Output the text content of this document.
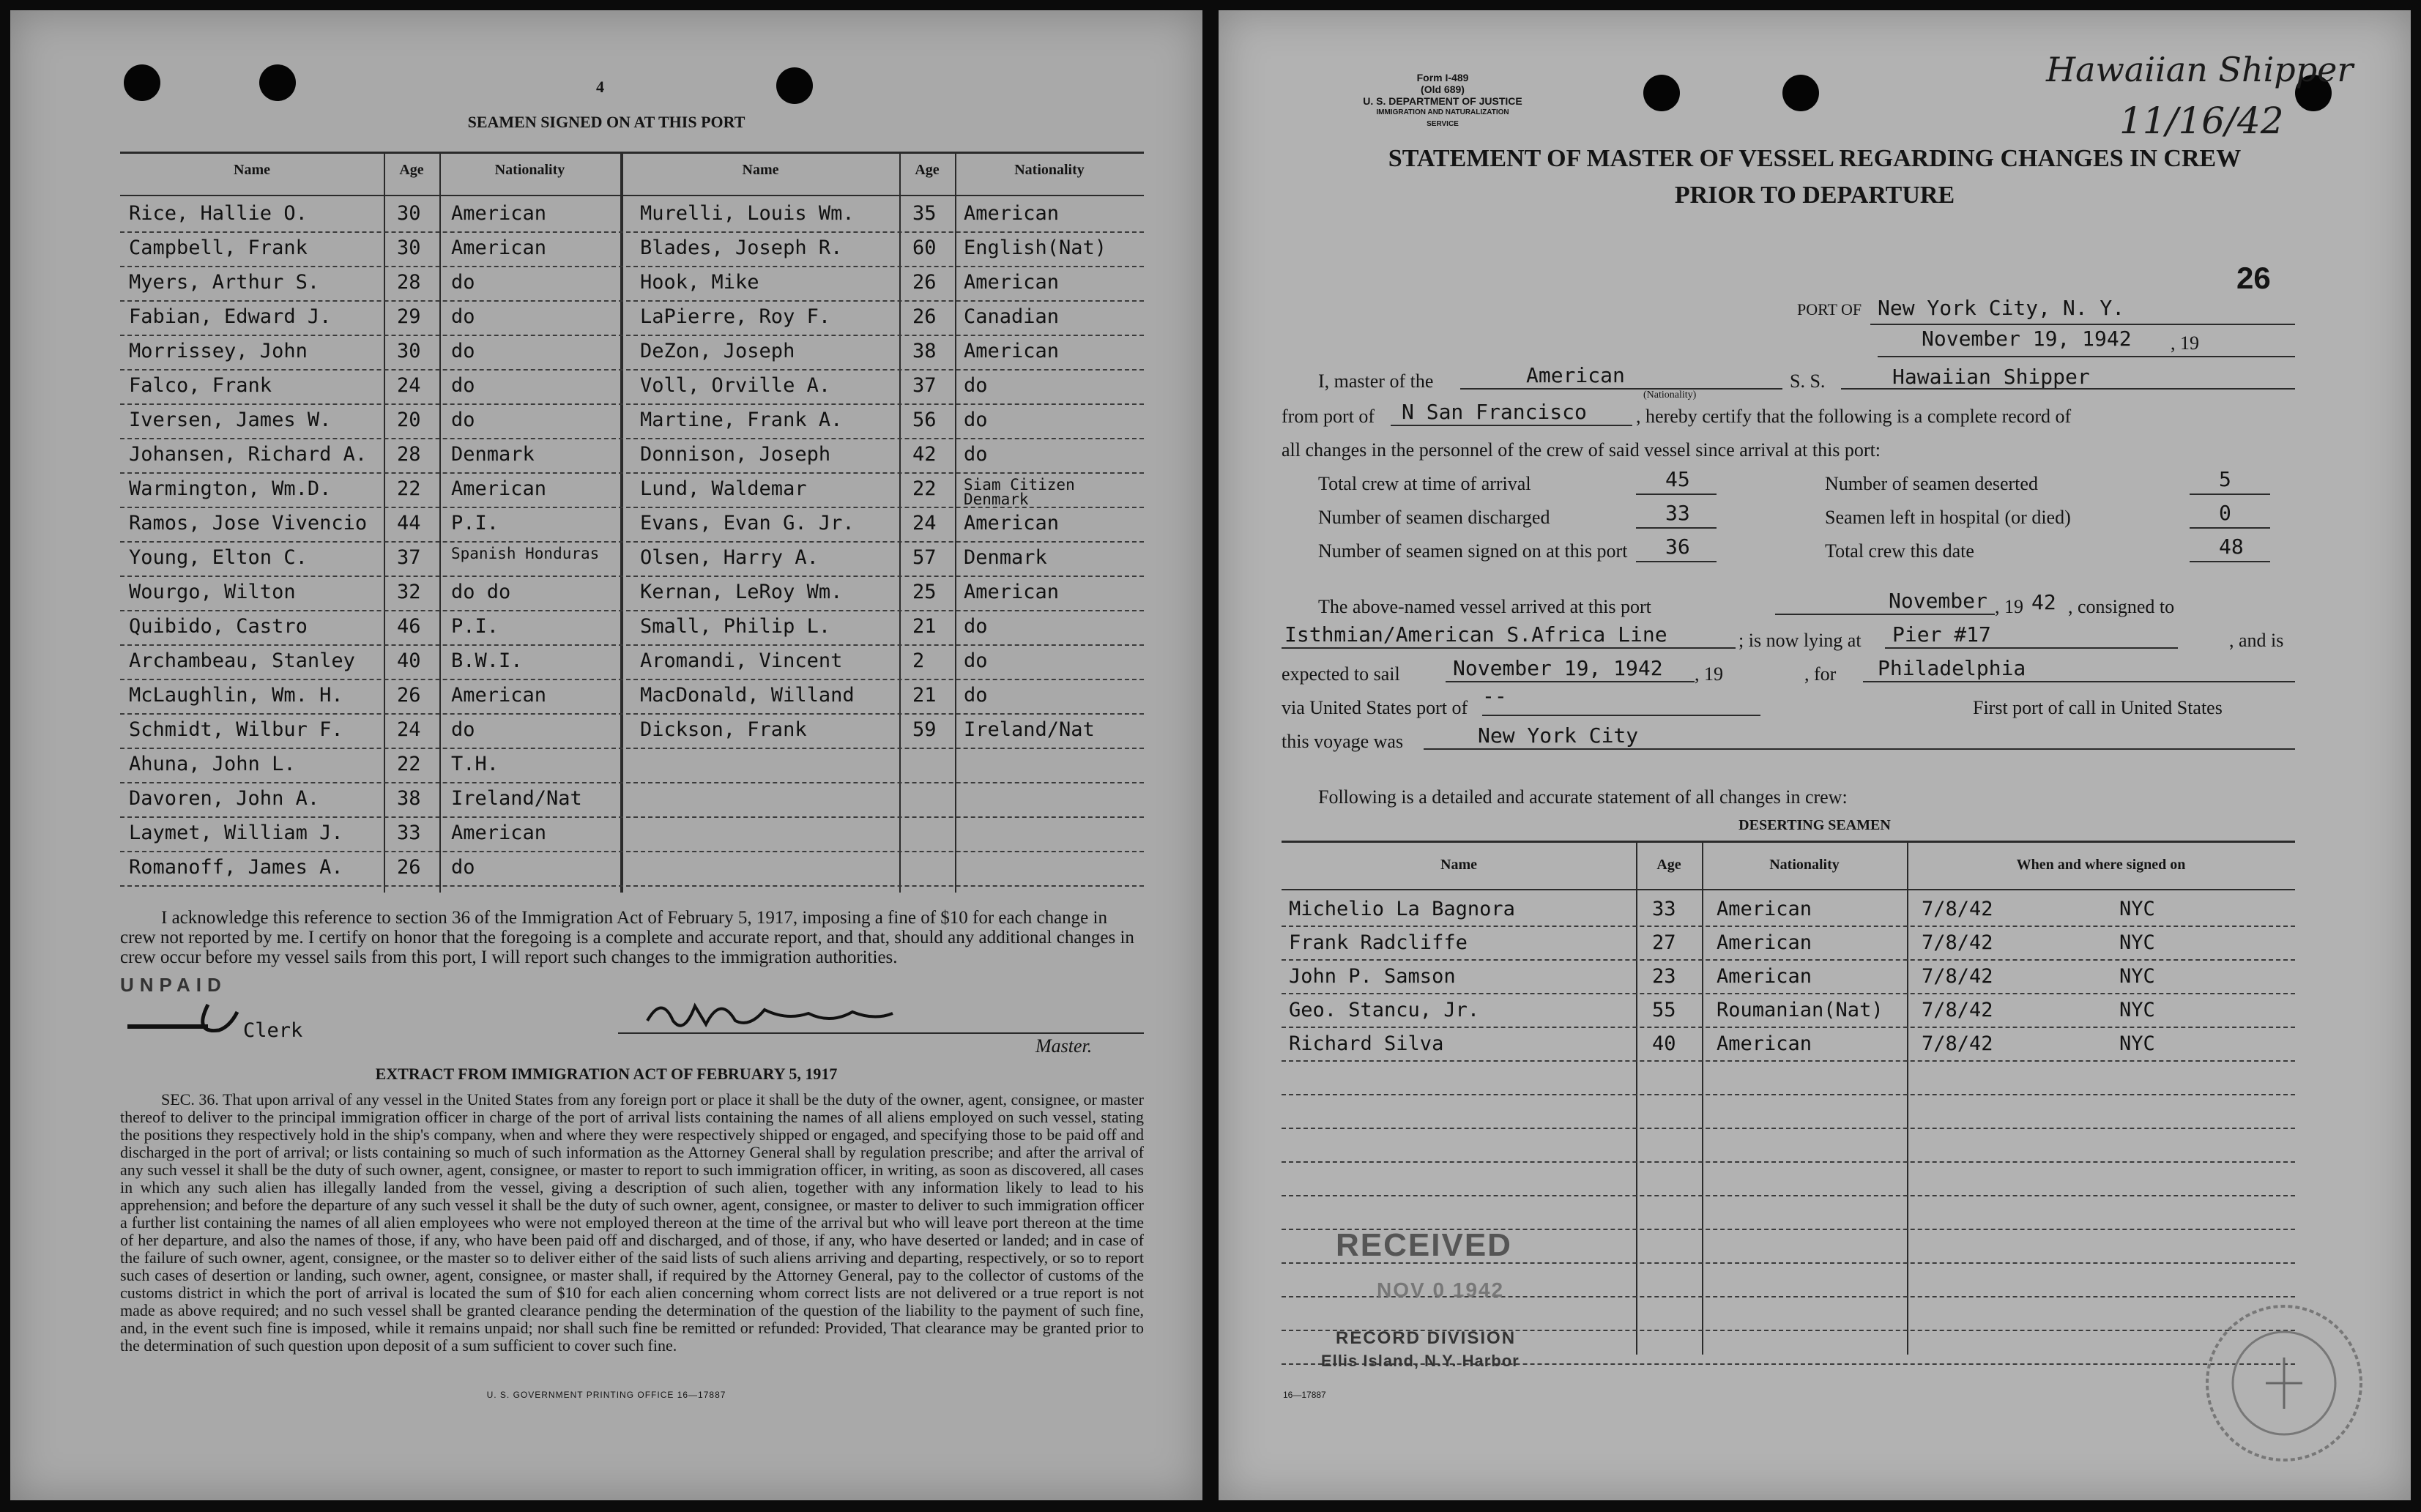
4
SEAMEN SIGNED ON AT THIS PORT
Name	Age	Nationality	Name	Age	Nationality
Rice, Hallie O.	30 American	Murelli, Louis Wm.	35 American
Campbell, Frank	30 American	Blades, Joseph R.	60 English(Nat)
Myers, Arthur S.	28 do	Hook, Mike	26 American
Fabian, Edward J.	29 do	LaPierre, Roy F.	26 Canadian
Morrissey, John	30 do	DeZon, Joseph	38 American
Falco, Frank	24 do	Voll, Orville A.	37 do
Iversen, James W.	20 do	Martine, Frank A.	56 do
Johansen, Richard A. 28 Denmark	Donnison, Joseph	42 do
Warmington, Wm.D.	22 American	Lund, Waldemar	22 Siam Citizen Denmark
Ramos, Jose Vivencio 44 P.I.	Evans, Evan G. Jr.	24 American
Young, Elton C.	37 Spanish Honduras	Olsen, Harry A.	57 Denmark
Wourgo, Wilton	32 do do	Kernan, LeRoy Wm.	25 American
Quibido, Castro	46 P.I.	Small, Philip L.	21 do
Archambeau, Stanley 40 B.W.I.	Aromandi, Vincent	2 do
McLaughlin, Wm. H.	26 American	MacDonald, Willand	21 do
Schmidt, Wilbur F.	24 do	Dickson, Frank	59 Ireland/Nat
Ahuna, John L.	22 T.H.
Davoren, John A.	38 Ireland/Nat
Laymet, William J.	33 American
Romanoff, James A.	26 do
I acknowledge this reference to section 36 of the Immigration Act of February 5, 1917, imposing a fine of $10 for each change in crew not reported by me. I certify on honor that the foregoing is a complete and accurate report, and that, should any additional changes in crew occur before my vessel sails from this port, I will report such changes to the immigration authorities.
UNPAID
Clerk
Master.
EXTRACT FROM IMMIGRATION ACT OF FEBRUARY 5, 1917
SEC. 36. That upon arrival of any vessel in the United States from any foreign port or place it shall be the duty of the owner, agent, consignee, or master thereof to deliver to the principal immigration officer in charge of the port of arrival lists containing the names of all aliens employed on such vessel, stating the positions they respectively hold in the ship's company, when and where they were respectively shipped or engaged, and specifying those to be paid off and discharged in the port of arrival; or lists containing so much of such information as the Attorney General shall by regulation prescribe; and after the arrival of any such vessel it shall be the duty of such owner, agent, consignee, or master to report to such immigration officer, in writing, as soon as discovered, all cases in which any such alien has illegally landed from the vessel, giving a description of such alien, together with any information likely to lead to his apprehension; and before the departure of any such vessel it shall be the duty of such owner, agent, consignee, or master to deliver to such immigration officer a further list containing the names of all alien employees who were not employed thereon at the time of the arrival but who will leave port thereon at the time of her departure, and also the names of those, if any, who have been paid off and discharged, and of those, if any, who have deserted or landed; and in case of the failure of such owner, agent, consignee, or the master so to deliver either of the said lists of such aliens arriving and departing, respectively, or so to report such cases of desertion or landing, such owner, agent, consignee, or master shall, if required by the Attorney General, pay to the collector of customs of the customs district in which the port of arrival is located the sum of $10 for each alien concerning whom correct lists are not delivered or a true report is not made as above required; and no such vessel shall be granted clearance pending the determination of the question of the liability to the payment of such fine, and, in the event such fine is imposed, while it remains unpaid; nor shall such fine be remitted or refunded: Provided, That clearance may be granted prior to the determination of such question upon deposit of a sum sufficient to cover such fine.
U. S. GOVERNMENT PRINTING OFFICE 16—17887
Form I-489
(Old 689)
U. S. DEPARTMENT OF JUSTICE
IMMIGRATION AND NATURALIZATION SERVICE
Hawaiian Shipper
11/16/42
STATEMENT OF MASTER OF VESSEL REGARDING CHANGES IN CREW
PRIOR TO DEPARTURE
26
PORT OF New York City, N. Y.
November 19, 1942 , 19
I, master of the	American
(Nationality)
S. S.	Hawaiian Shipper
from port of N San Francisco	, hereby certify that the following is a complete record of
all changes in the personnel of the crew of said vessel since arrival at this port:
Total crew at time of arrival	45	Number of seamen deserted	5
Number of seamen discharged	33	Seamen left in hospital (or died)	0
Number of seamen signed on at this port 36	Total crew this date	48
The above-named vessel arrived at this port	November , 19 42 , consigned to
Isthmian/American S.Africa Line	; is now lying at Pier #17	, and is
expected to sail	November 19, 1942 , 19	, for Philadelphia
via United States port of --	First port of call in United States
this voyage was	New York City
Following is a detailed and accurate statement of all changes in crew:
DESERTING SEAMEN
Name	Age	Nationality	When and where signed on
Michelio La Bagnora	33 American	7/8/42	NYC
Frank Radcliffe	27 American	7/8/42	NYC
John P. Samson	23 American	7/8/42	NYC
Geo. Stancu, Jr.	55 Roumanian(Nat) 7/8/42	NYC
Richard Silva	40 American	7/8/42	NYC
RECEIVED
NOV 0 1942
RECORD DIVISION
Ellis Island, N.Y. Harbor
16—17887
